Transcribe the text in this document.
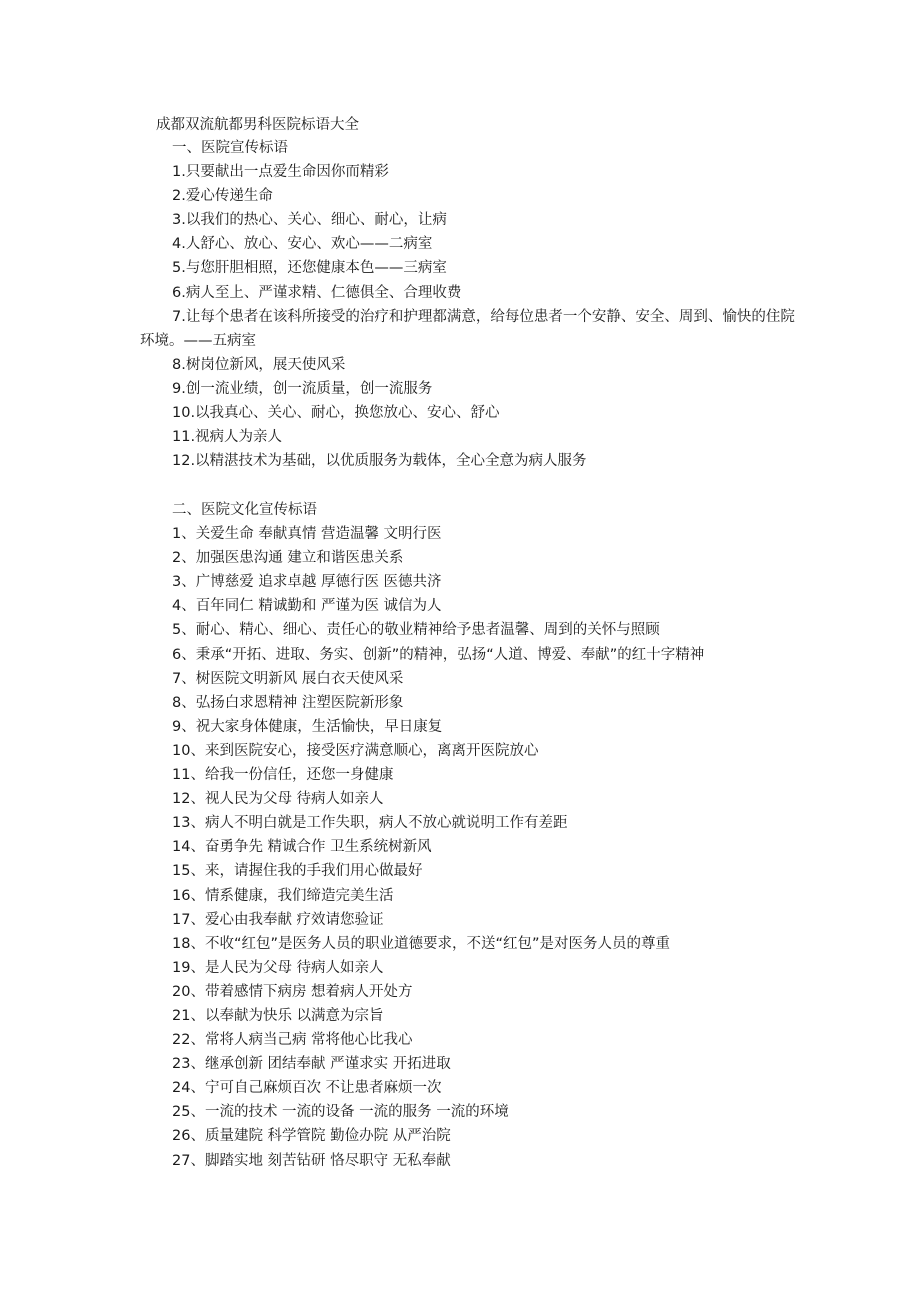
成都双流航都男科医院标语大全
一、医院宣传标语
1.只要献出一点爱生命因你而精彩
2.爱心传递生命
3.以我们的热心、关心、细心、耐心，让病
4.人舒心、放心、安心、欢心——二病室
5.与您肝胆相照，还您健康本色——三病室
6.病人至上、严谨求精、仁德俱全、合理收费
7.让每个患者在该科所接受的治疗和护理都满意，给每位患者一个安静、安全、周到、愉快的住院环境。——五病室
8.树岗位新风，展天使风采
9.创一流业绩，创一流质量，创一流服务
10.以我真心、关心、耐心，换您放心、安心、舒心
11.视病人为亲人
12.以精湛技术为基础，以优质服务为载体，全心全意为病人服务
二、医院文化宣传标语
1、关爱生命 奉献真情 营造温馨 文明行医
2、加强医患沟通 建立和谐医患关系
3、广博慈爱 追求卓越 厚德行医 医德共济
4、百年同仁 精诚勤和 严谨为医 诚信为人
5、耐心、精心、细心、责任心的敬业精神给予患者温馨、周到的关怀与照顾
6、秉承“开拓、进取、务实、创新”的精神，弘扬“人道、博爱、奉献”的红十字精神
7、树医院文明新风 展白衣天使风采
8、弘扬白求恩精神 注塑医院新形象
9、祝大家身体健康，生活愉快，早日康复
10、来到医院安心，接受医疗满意顺心，离离开医院放心
11、给我一份信任，还您一身健康
12、视人民为父母 待病人如亲人
13、病人不明白就是工作失职，病人不放心就说明工作有差距
14、奋勇争先 精诚合作 卫生系统树新风
15、来，请握住我的手我们用心做最好
16、情系健康，我们缔造完美生活
17、爱心由我奉献 疗效请您验证
18、不收“红包”是医务人员的职业道德要求，不送“红包”是对医务人员的尊重
19、是人民为父母 待病人如亲人
20、带着感情下病房 想着病人开处方
21、以奉献为快乐 以满意为宗旨
22、常将人病当己病 常将他心比我心
23、继承创新 团结奉献 严谨求实 开拓进取
24、宁可自己麻烦百次 不让患者麻烦一次
25、一流的技术 一流的设备 一流的服务 一流的环境
26、质量建院 科学管院 勤俭办院 从严治院
27、脚踏实地 刻苦钻研 恪尽职守 无私奉献
